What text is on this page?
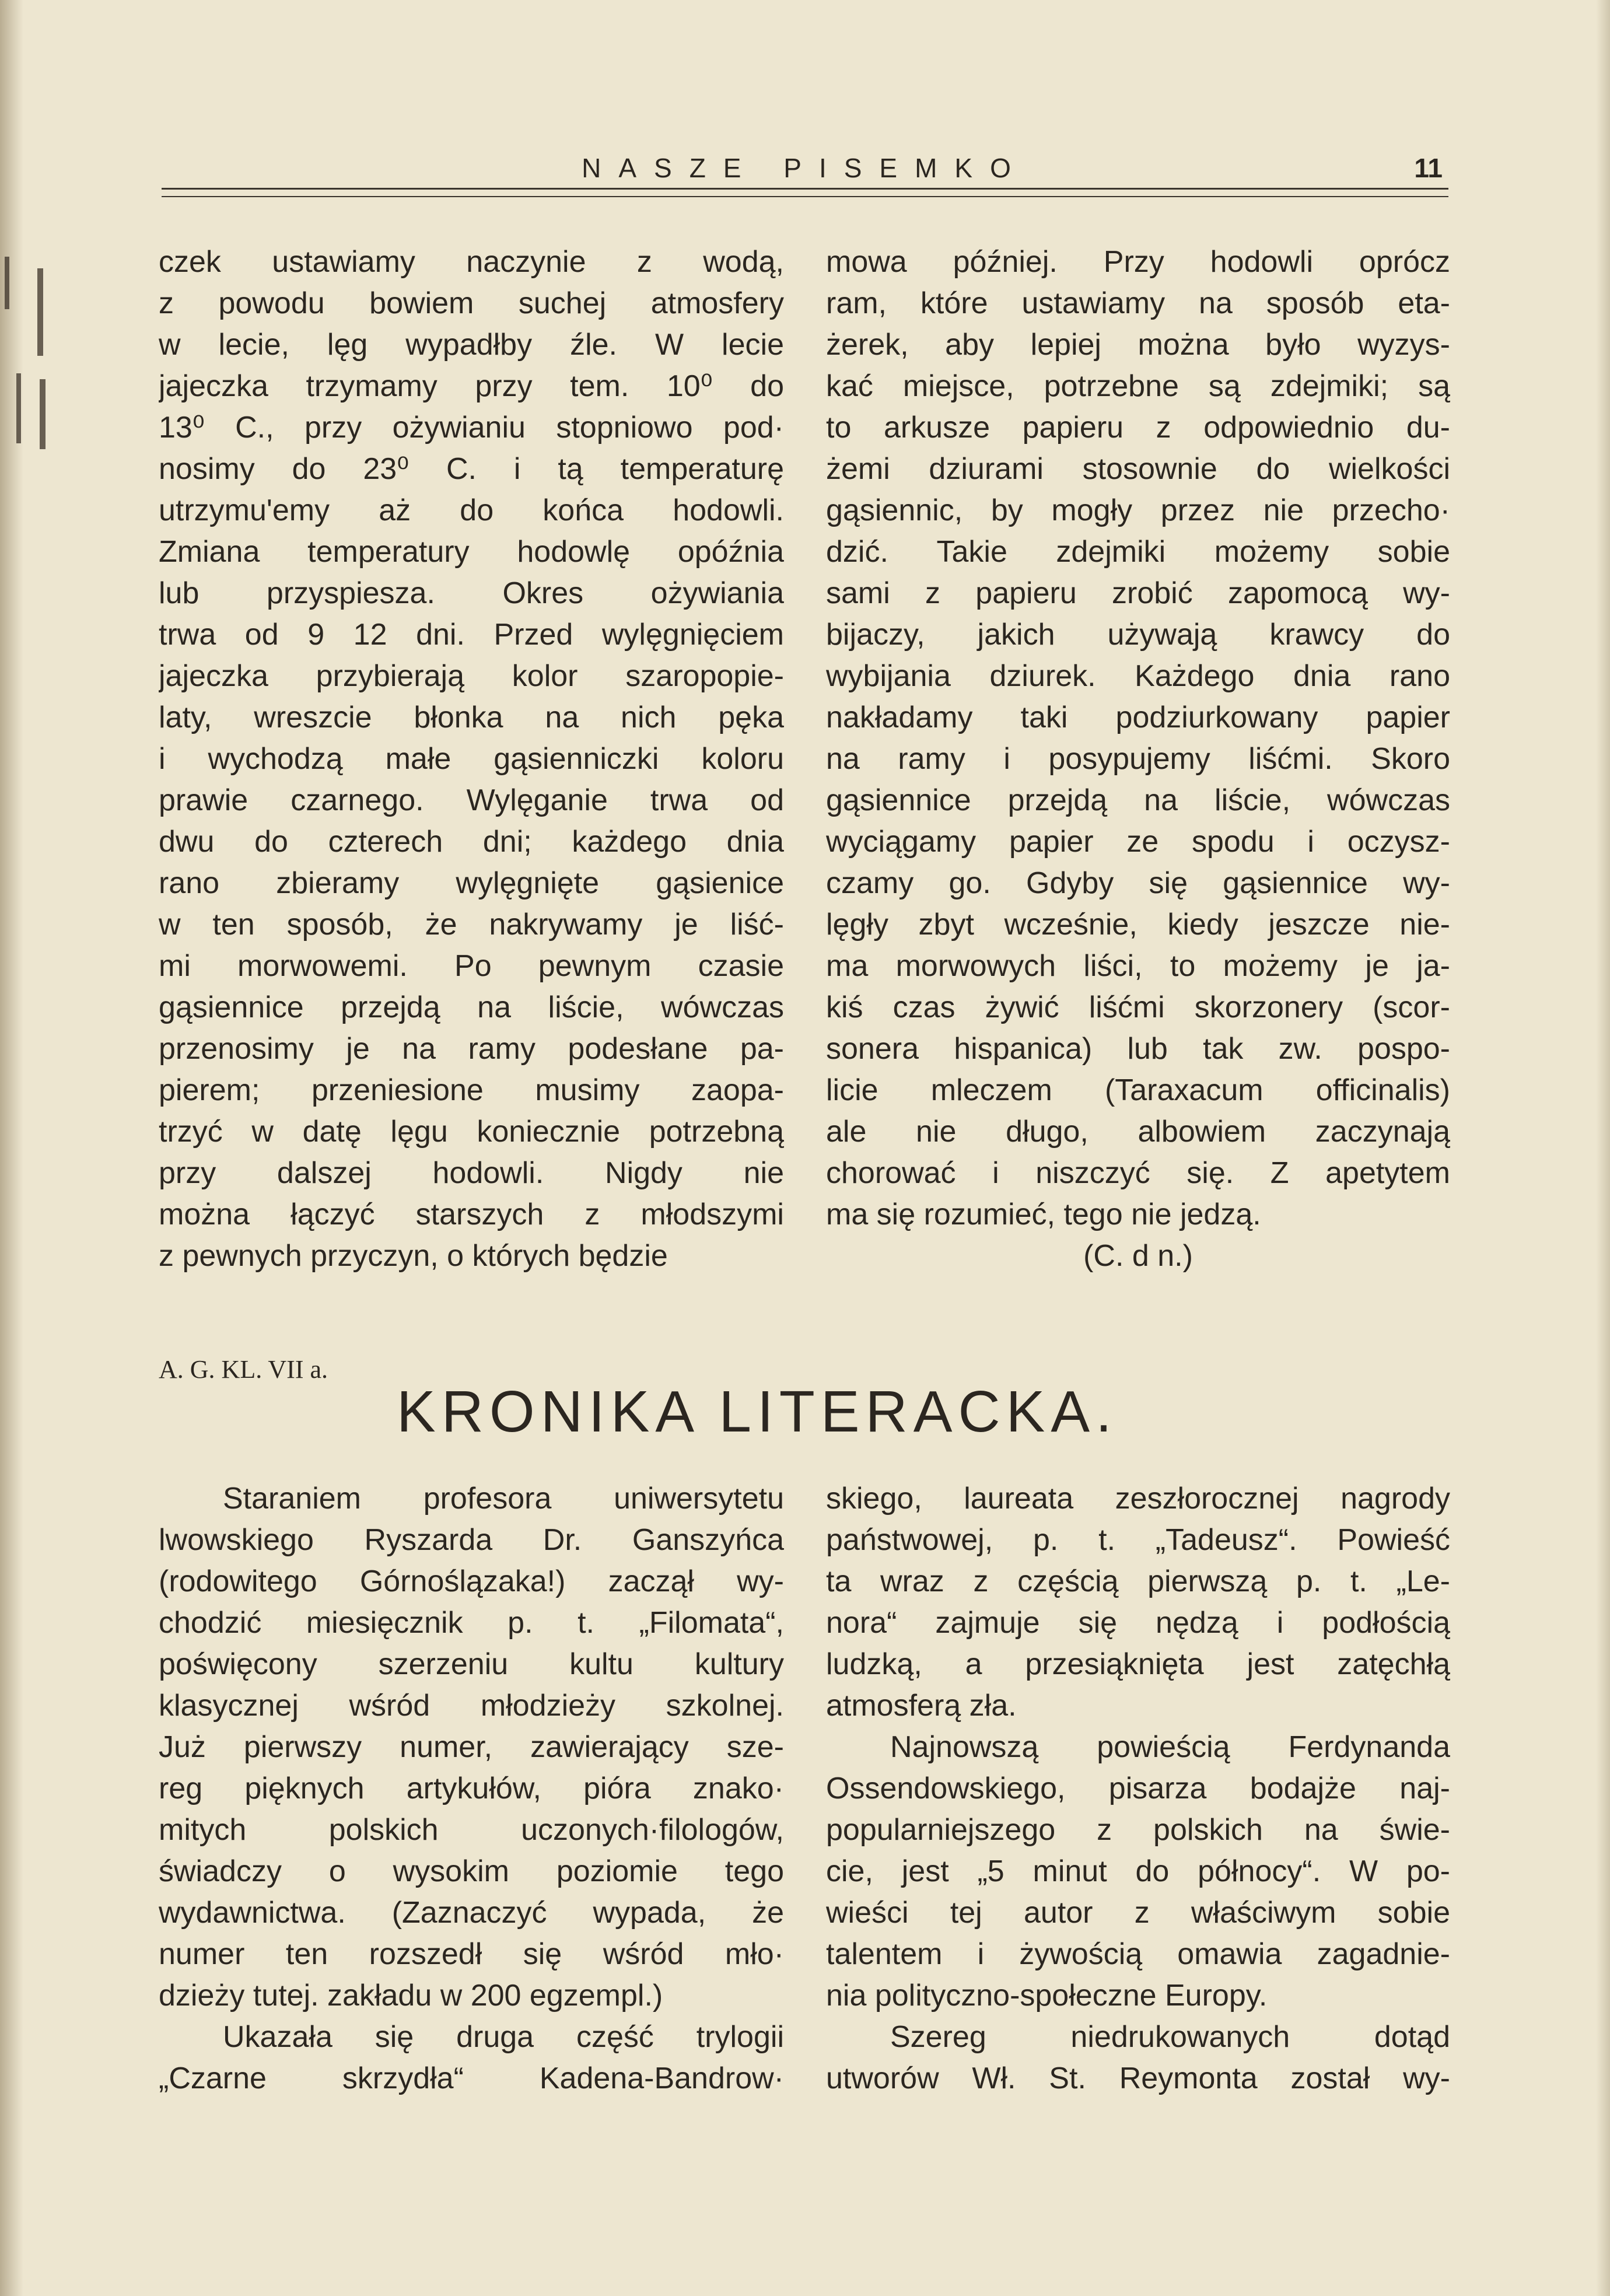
NASZE PISEMKO	11
czek ustawiamy naczynie z wodą,
z powodu bowiem suchej atmosfery
w lecie, lęg wypadłby źle. W lecie
jajeczka trzymamy przy tem. 10⁰ do
13⁰ C., przy ożywianiu stopniowo pod·
nosimy do 23⁰ C. i tą temperaturę
utrzymu'emy aż do końca hodowli.
Zmiana temperatury hodowlę opóźnia
lub przyspiesza. Okres ożywiania
trwa od 9 12 dni. Przed wylęgnięciem
jajeczka przybierają kolor szaropopie-
laty, wreszcie błonka na nich pęka
i wychodzą małe gąsienniczki koloru
prawie czarnego. Wylęganie trwa od
dwu do czterech dni; każdego dnia
rano zbieramy wylęgnięte gąsienice
w ten sposób, że nakrywamy je liść-
mi morwowemi. Po pewnym czasie
gąsiennice przejdą na liście, wówczas
przenosimy je na ramy podesłane pa-
pierem; przeniesione musimy zaopa-
trzyć w datę lęgu koniecznie potrzebną
przy dalszej hodowli. Nigdy nie
można łączyć starszych z młodszymi
z pewnych przyczyn, o których będzie
mowa później. Przy hodowli oprócz
ram, które ustawiamy na sposób eta-
żerek, aby lepiej można było wyzys-
kać miejsce, potrzebne są zdejmiki; są
to arkusze papieru z odpowiednio du-
żemi dziurami stosownie do wielkości
gąsiennic, by mogły przez nie przecho·
dzić. Takie zdejmiki możemy sobie
sami z papieru zrobić zapomocą wy-
bijaczy, jakich używają krawcy do
wybijania dziurek. Każdego dnia rano
nakładamy taki podziurkowany papier
na ramy i posypujemy liśćmi. Skoro
gąsiennice przejdą na liście, wówczas
wyciągamy papier ze spodu i oczysz-
czamy go. Gdyby się gąsiennice wy-
lęgły zbyt wcześnie, kiedy jeszcze nie-
ma morwowych liści, to możemy je ja-
kiś czas żywić liśćmi skorzonery (scor-
sonera hispanica) lub tak zw. pospo-
licie mleczem (Taraxacum officinalis)
ale nie długo, albowiem zaczynają
chorować i niszczyć się. Z apetytem
ma się rozumieć, tego nie jedzą.
(C. d n.)
A. G. KL. VII a.
KRONIKA LITERACKA.
Staraniem profesora uniwersytetu
lwowskiego Ryszarda Dr. Ganszyńca
(rodowitego Górnoślązaka!) zaczął wy-
chodzić miesięcznik p. t. „Filomata“,
poświęcony szerzeniu kultu kultury
klasycznej wśród młodzieży szkolnej.
Już pierwszy numer, zawierający sze-
reg pięknych artykułów, pióra znako·
mitych polskich uczonych·filologów,
świadczy o wysokim poziomie tego
wydawnictwa. (Zaznaczyć wypada, że
numer ten rozszedł się wśród mło·
dzieży tutej. zakładu w 200 egzempl.)
Ukazała się druga część trylogii
„Czarne skrzydła“ Kadena-Bandrow·
skiego, laureata zeszłorocznej nagrody
państwowej, p. t. „Tadeusz“. Powieść
ta wraz z częścią pierwszą p. t. „Le-
nora“ zajmuje się nędzą i podłością
ludzką, a przesiąknięta jest zatęchłą
atmosferą zła.
Najnowszą powieścią Ferdynanda
Ossendowskiego, pisarza bodajże naj-
popularniejszego z polskich na świe-
cie, jest „5 minut do północy“. W po-
wieści tej autor z właściwym sobie
talentem i żywością omawia zagadnie-
nia polityczno-społeczne Europy.
Szereg niedrukowanych dotąd
utworów Wł. St. Reymonta został wy-
